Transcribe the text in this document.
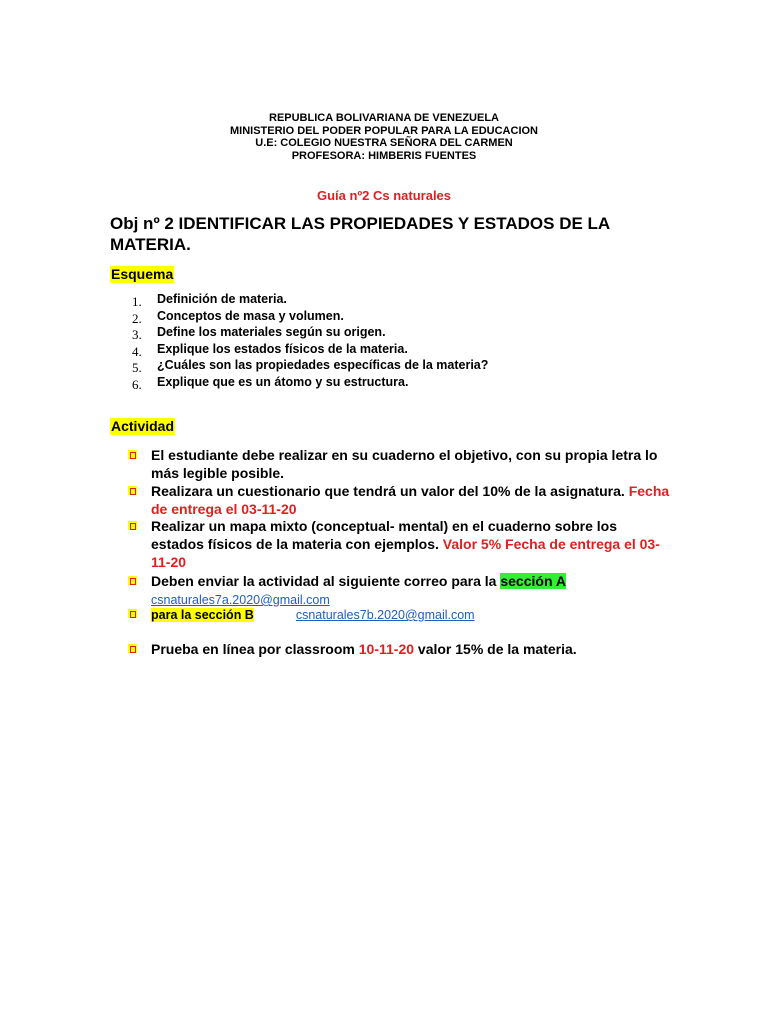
REPUBLICA BOLIVARIANA DE VENEZUELA
MINISTERIO DEL PODER POPULAR PARA LA EDUCACION
U.E: COLEGIO NUESTRA SEÑORA DEL CARMEN
PROFESORA: HIMBERIS FUENTES
Guía nº2 Cs naturales
Obj nº 2 IDENTIFICAR LAS PROPIEDADES Y ESTADOS DE LA MATERIA.
Esquema
1. Definición de materia.
2. Conceptos de masa y volumen.
3. Define los materiales según su origen.
4. Explique los estados físicos de la materia.
5. ¿Cuáles son las propiedades específicas de la materia?
6. Explique que es un átomo y su estructura.
Actividad
El estudiante debe realizar en su cuaderno el objetivo, con su propia letra lo más legible posible.
Realizara un cuestionario que tendrá un valor del 10% de la asignatura. Fecha de entrega el 03-11-20
Realizar un mapa mixto (conceptual- mental) en el cuaderno sobre los estados físicos de la materia con ejemplos. Valor 5% Fecha de entrega el 03-11-20
Deben enviar la actividad al siguiente correo para la sección A
csnaturales7a.2020@gmail.com
para la sección B	csnaturales7b.2020@gmail.com
Prueba en línea por classroom 10-11-20 valor 15% de la materia.
